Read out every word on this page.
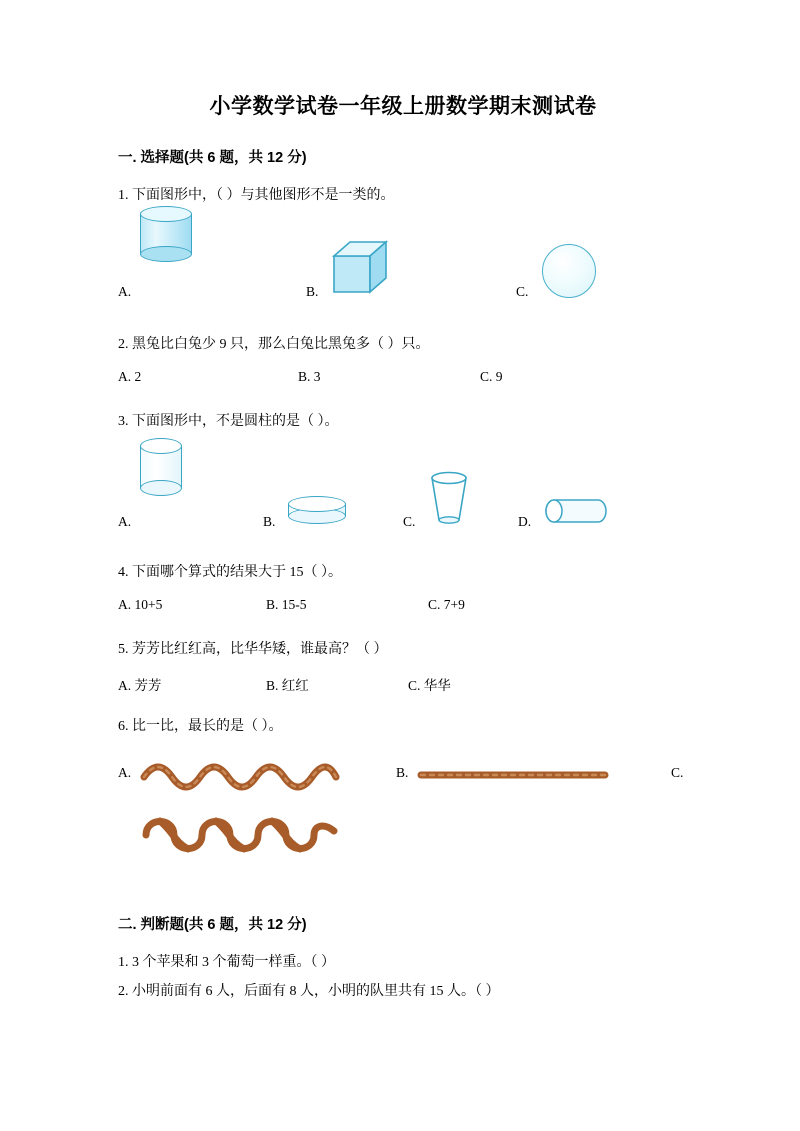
小学数学试卷一年级上册数学期末测试卷
一. 选择题(共 6 题，共 12 分)

1. 下面图形中，（ ）与其他图形不是一类的。

A.	B.	C.

2. 黑兔比白兔少 9 只，那么白兔比黑兔多（ ）只。

A. 2	B. 3	C. 9

3. 下面图形中，不是圆柱的是（ ）。

A.	B.	C.	D.

4. 下面哪个算式的结果大于 15（ ）。

A. 10+5	B. 15-5	C. 7+9

5. 芳芳比红红高，比华华矮，谁最高？（ ）

A. 芳芳	B. 红红	C. 华华

6. 比一比，最长的是（ ）。

A.	B.	C.
二. 判断题(共 6 题，共 12 分)

1. 3 个苹果和 3 个葡萄一样重。（ ）

2. 小明前面有 6 人，后面有 8 人，小明的队里共有 15 人。（ ）
